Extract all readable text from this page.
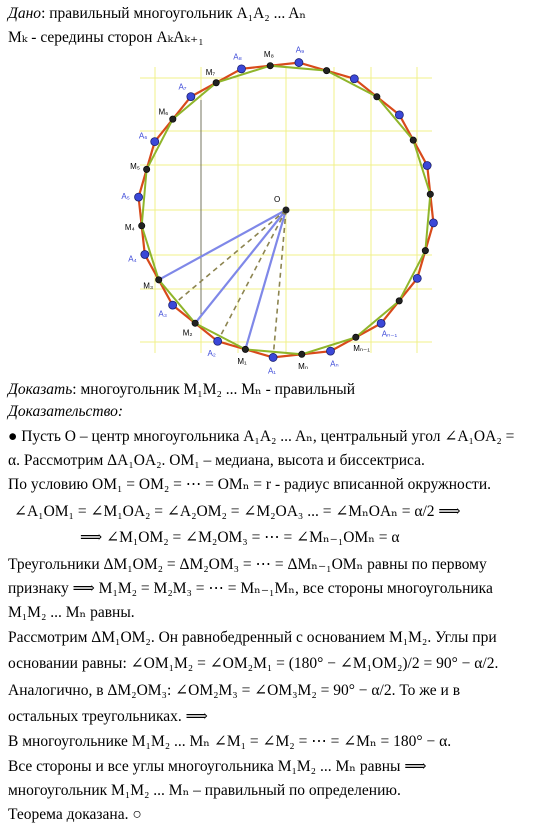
Дано: правильный многоугольник A₁A₂ ... Aₙ
Mₖ - середины сторон AₖAₖ₊₁
A₁
A₂
A₃
A₄
A₅
A₆
A₇
A₈
A₉
Aₙ₋₁
Aₙ
M₁
M₂
M₃
M₄
M₅
M₆
M₇
M₈
Mₙ₋₁
Mₙ
O
Доказать: многоугольник M₁M₂ ... Mₙ - правильный
Доказательство:
● Пусть O – центр многоугольника A₁A₂ ... Aₙ, центральный угол ∠A₁OA₂ =
α. Рассмотрим ΔA₁OA₂. OM₁ – медиана, высота и биссектриса.
По условию OM₁ = OM₂ = ⋯ = OMₙ = r - радиус вписанной окружности.
∠A₁OM₁ = ∠M₁OA₂ = ∠A₂OM₂ = ∠M₂OA₃ ... = ∠MₙOAₙ = α/2 ⟹
⟹ ∠M₁OM₂ = ∠M₂OM₃ = ⋯ = ∠Mₙ₋₁OMₙ = α
Треугольники ΔM₁OM₂ = ΔM₂OM₃ = ⋯ = ΔMₙ₋₁OMₙ равны по первому
признаку ⟹ M₁M₂ = M₂M₃ = ⋯ = Mₙ₋₁Mₙ, все стороны многоугольника
M₁M₂ ... Mₙ равны.
Рассмотрим ΔM₁OM₂. Он равнобедренный с основанием M₁M₂. Углы при
основании равны: ∠OM₁M₂ = ∠OM₂M₁ = (180° − ∠M₁OM₂)/2 = 90° − α/2.
Аналогично, в ΔM₂OM₃: ∠OM₂M₃ = ∠OM₃M₂ = 90° − α/2. То же и в
остальных треугольниках. ⟹
В многоугольнике M₁M₂ ... Mₙ ∠M₁ = ∠M₂ = ⋯ = ∠Mₙ = 180° − α.
Все стороны и все углы многоугольника M₁M₂ ... Mₙ равны ⟹
многоугольник M₁M₂ ... Mₙ – правильный по определению.
Теорема доказана. ○
